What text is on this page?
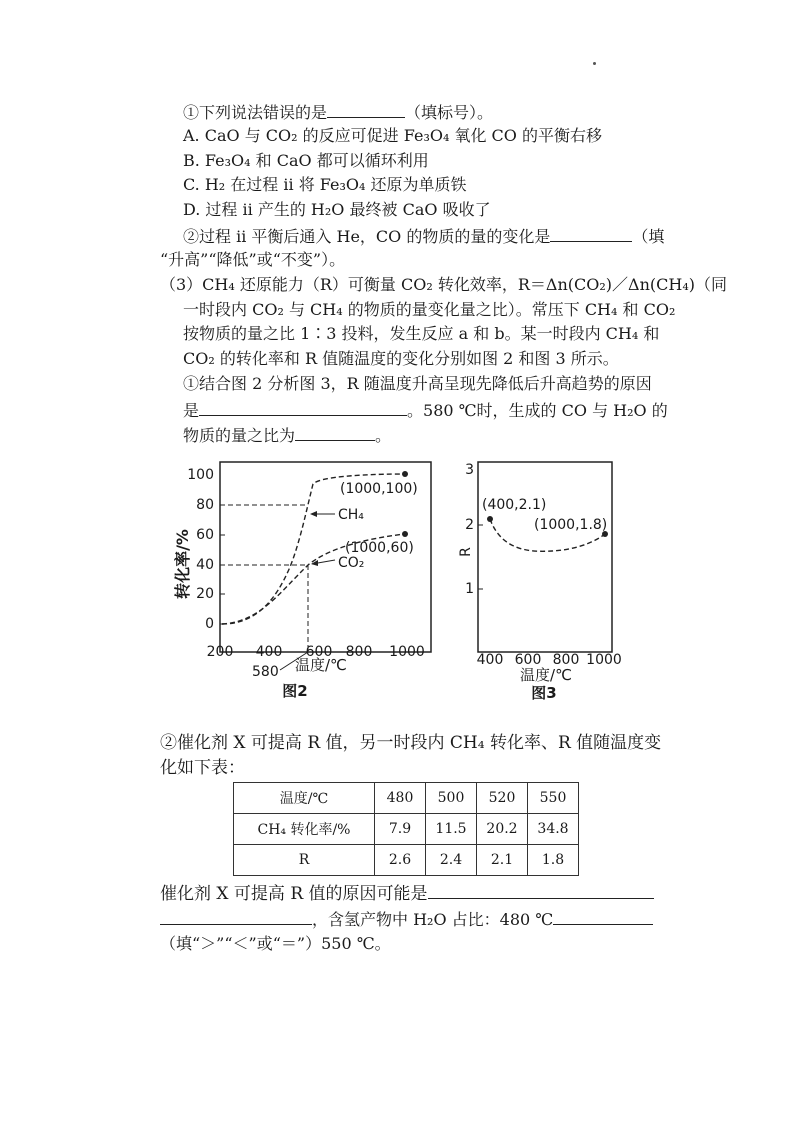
①下列说法错误的是	（填标号）。
A. CaO 与 CO₂ 的反应可促进 Fe₃O₄ 氧化 CO 的平衡右移
B. Fe₃O₄ 和 CaO 都可以循环利用
C. H₂ 在过程 ⅱ 将 Fe₃O₄ 还原为单质铁
D. 过程 ⅱ 产生的 H₂O 最终被 CaO 吸收了
②过程 ⅱ 平衡后通入 He，CO 的物质的量的变化是	（填
“升高”“降低”或“不变”）。
（3）CH₄ 还原能力（R）可衡量 CO₂ 转化效率，R＝Δn(CO₂)／Δn(CH₄)（同
一时段内 CO₂ 与 CH₄ 的物质的量变化量之比）。常压下 CH₄ 和 CO₂
按物质的量之比 1∶3 投料，发生反应 a 和 b。某一时段内 CH₄ 和
CO₂ 的转化率和 R 值随温度的变化分别如图 2 和图 3 所示。
①结合图 2 分析图 3，R 随温度升高呈现先降低后升高趋势的原因
是	。580 ℃时，生成的 CO 与 H₂O 的
物质的量之比为	。
0
20
40
60
80
100
200 400 600 800 1000
转化率/%
CH₄
CO₂
(1000,100)
(1000,60)
580 温度/℃
图2
3
2
1
R
(400,2.1)
(1000,1.8)
400 600 800 1000
温度/℃
图3
②催化剂 X 可提高 R 值，另一时段内 CH₄ 转化率、R 值随温度变
化如下表：
温度/℃	480	500	520	550
CH₄ 转化率/%	7.9	11.5	20.2	34.8
R	2.6	2.4	2.1	1.8
催化剂 X 可提高 R 值的原因可能是
，含氢产物中 H₂O 占比：480 ℃
（填“＞”“＜”或“＝”）550 ℃。
